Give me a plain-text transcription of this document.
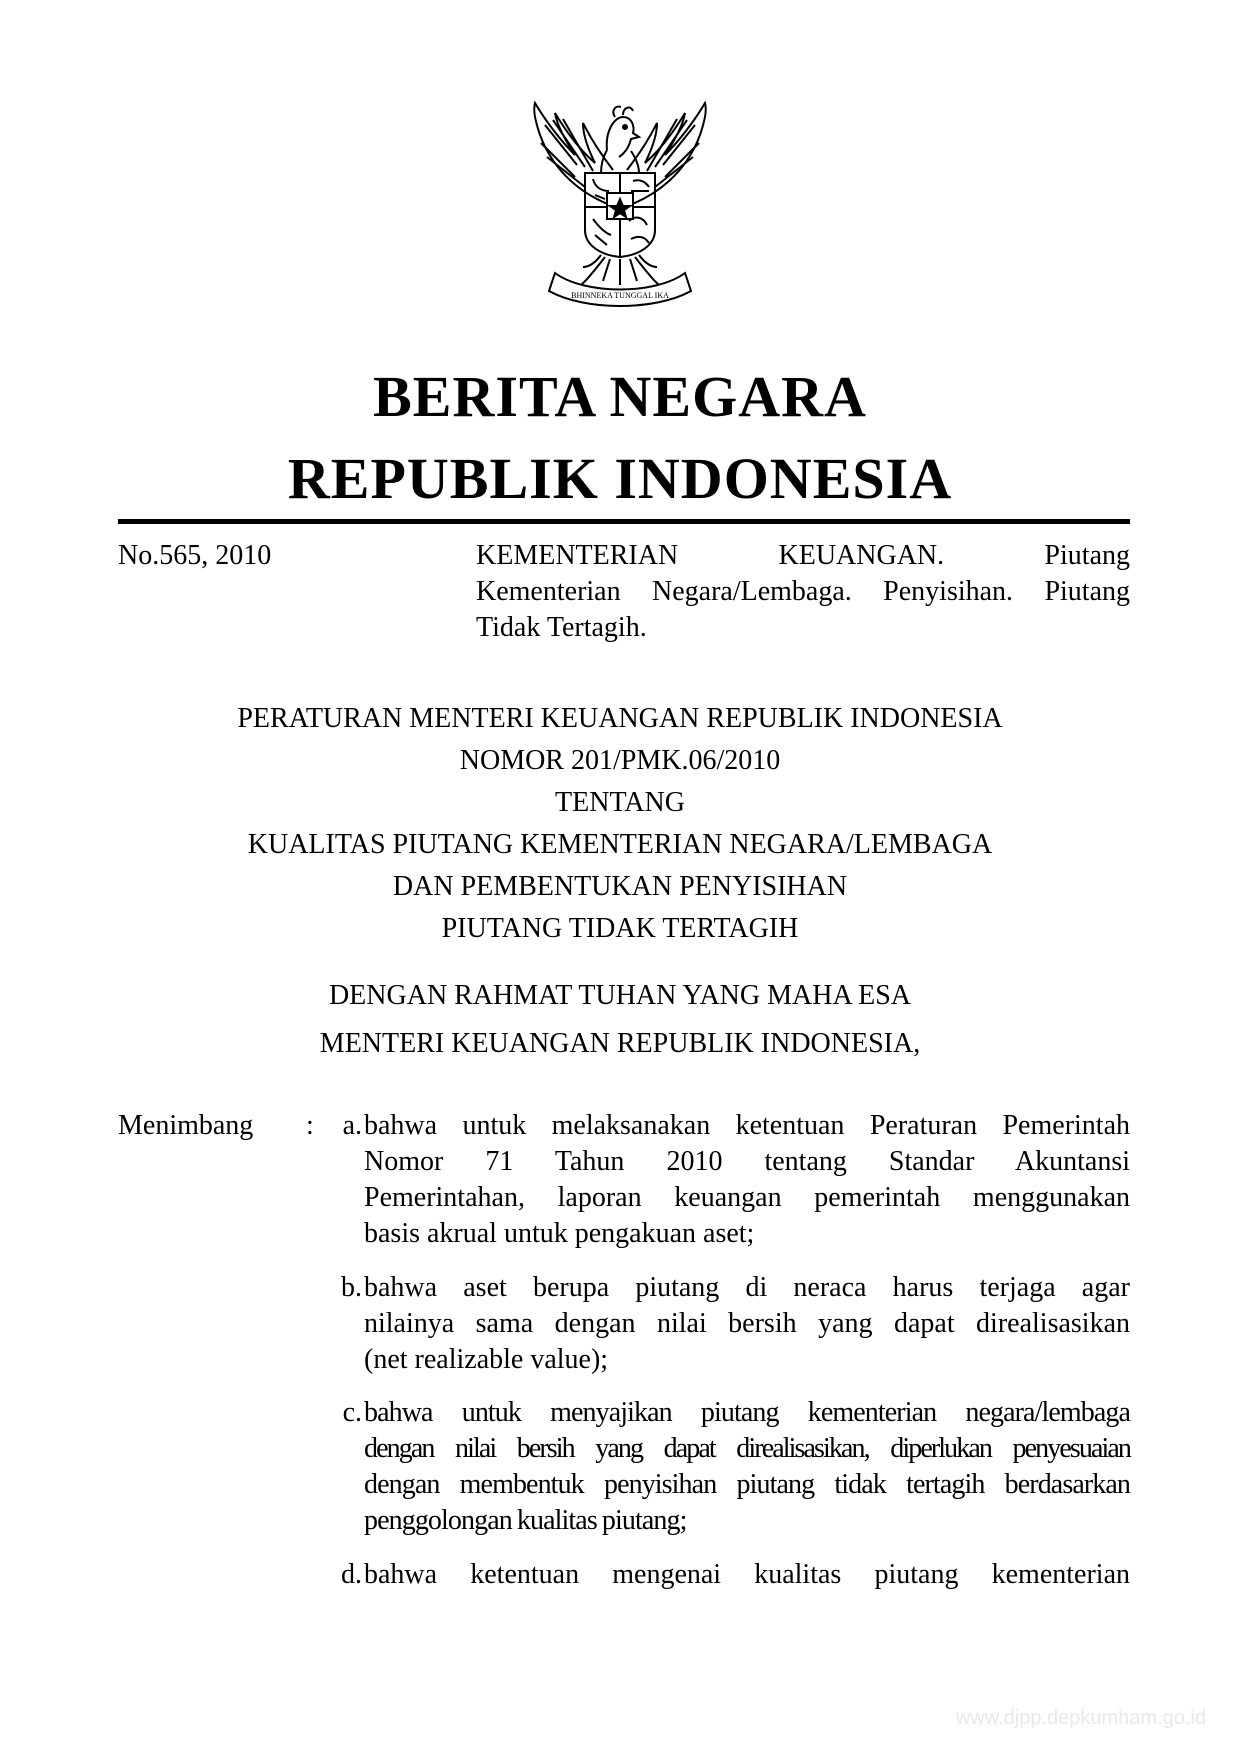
BHINNEKA TUNGGAL IKA
BERITA NEGARA
REPUBLIK INDONESIA
No.565, 2010	KEMENTERIAN KEUANGAN. Piutang
Kementerian Negara/Lembaga. Penyisihan. Piutang
Tidak Tertagih.
PERATURAN MENTERI KEUANGAN REPUBLIK INDONESIA
NOMOR 201/PMK.06/2010
TENTANG
KUALITAS PIUTANG KEMENTERIAN NEGARA/LEMBAGA
DAN PEMBENTUKAN PENYISIHAN
PIUTANG TIDAK TERTAGIH
DENGAN RAHMAT TUHAN YANG MAHA ESA
MENTERI KEUANGAN REPUBLIK INDONESIA,
Menimbang :	a. bahwa untuk melaksanakan ketentuan Peraturan Pemerintah
Nomor 71 Tahun 2010 tentang Standar Akuntansi
Pemerintahan, laporan keuangan pemerintah menggunakan
basis akrual untuk pengakuan aset;
b. bahwa aset berupa piutang di neraca harus terjaga agar
nilainya sama dengan nilai bersih yang dapat direalisasikan
(net realizable value);
c. bahwa untuk menyajikan piutang kementerian negara/lembaga
dengan nilai bersih yang dapat direalisasikan, diperlukan penyesuaian
dengan membentuk penyisihan piutang tidak tertagih berdasarkan
penggolongan kualitas piutang;
d. bahwa ketentuan mengenai kualitas piutang kementerian
www.djpp.depkumham.go.id
